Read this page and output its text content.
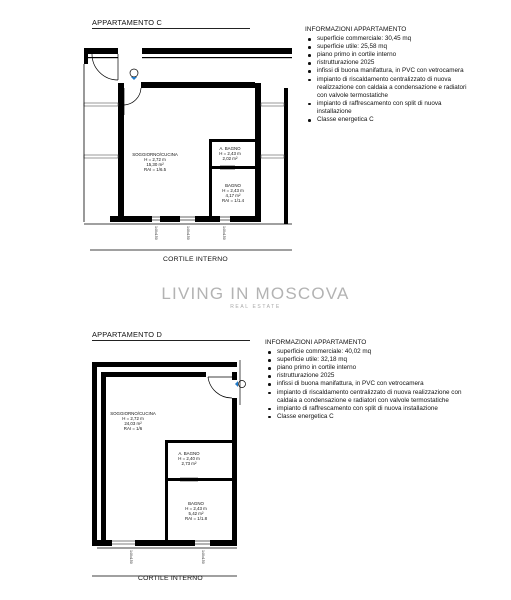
APPARTAMENTO C
140x150	140x150	140x150
SOGGIORNO/CUCINA
H = 2,72 m
15,30 m²
RAI = 1/6.5
A. BAGNO
H = 2,43 m
2,02 m²
BAGNO
H = 2,43 m
4,17 m²
RAI = 1/1.4
CORTILE INTERNO
INFORMAZIONI APPARTAMENTO
superficie commerciale: 30,45 mq
superficie utile: 25,58 mq
piano primo in cortile interno
ristrutturazione 2025
infissi di buona manifattura, in PVC con vetrocamera
impianto di riscaldamento centralizzato di nuova realizzazione con caldaia a condensazione e radiatori con valvole termostatiche
impianto di raffrescamento con split di nuova installazione
Classe energetica C
LIVING IN MOSCOVA
REAL ESTATE
APPARTAMENTO D
140x150	140x150
SOGGIORNO/CUCINA
H = 2,72 m
24,03 m²
RAI = 1/6
A. BAGNO
H = 2,40 m
2,73 m²
BAGNO
H = 2,43 m
5,42 m²
RAI = 1/1.8
CORTILE INTERNO
INFORMAZIONI APPARTAMENTO
superficie commerciale: 40,02 mq
superficie utile: 32,18 mq
piano primo in cortile interno
ristrutturazione 2025
infissi di buona manifattura, in PVC con vetrocamera
impianto di riscaldamento centralizzato di nuova realizzazione con caldaia a condensazione e radiatori con valvole termostatiche
impianto di raffrescamento con split di nuova installazione
Classe energetica C
